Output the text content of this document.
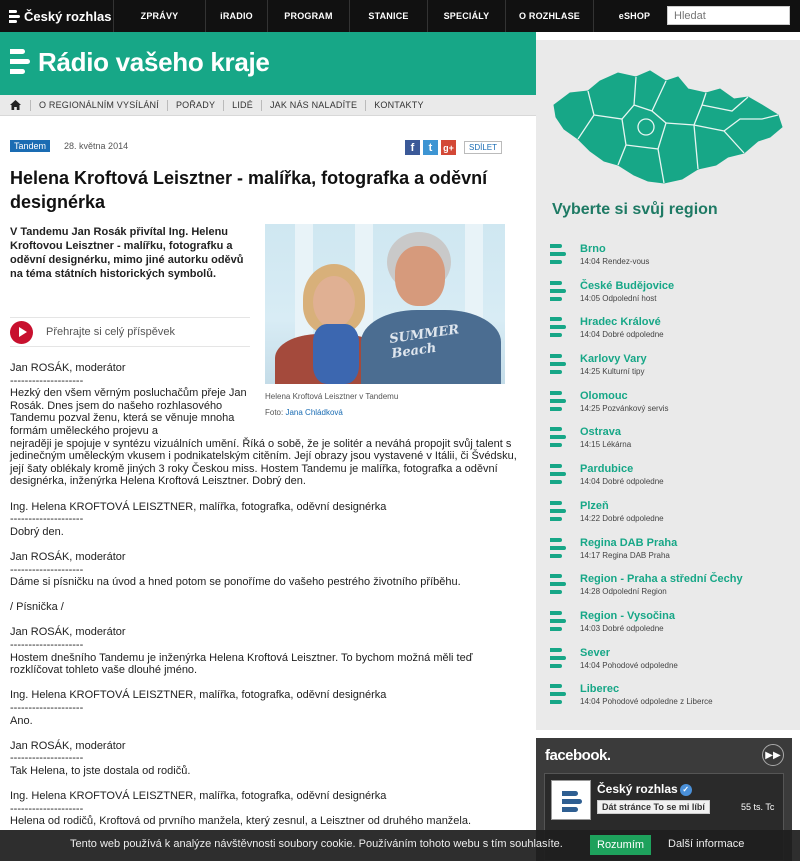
Český rozhlas	ZPRÁVY	iRADIO	PROGRAM	STANICE	SPECIÁLY	O ROZHLASE	eSHOP
Hledat
Rádio vašeho kraje
O REGIONÁLNÍM VYSÍLÁNÍ	POŘADY	LIDÉ	JAK NÁS NALADÍTE	KONTAKTY
Tandem	28. května 2014	f	t	g+	SDÍLET
Helena Kroftová Leisztner - malířka, fotografka a oděvní designérka

V Tandemu Jan Rosák přivítal Ing. Helenu Kroftovou Leisztner - malířku, fotografku a oděvní designérku, mimo jiné autorku oděvů na téma státních historických symbolů.

Přehrajte si celý příspěvek	SUMMER Beach
Helena Kroftová Leisztner v Tandemu
Foto: Jana Chládková
Jan ROSÁK, moderátor
--------------------
Hezký den všem věrným posluchačům přeje Jan Rosák. Dnes jsem do našeho rozhlasového Tandemu pozval ženu, která se věnuje mnoha formám uměleckého projevu a
nejraději je spojuje v syntézu vizuálních umění. Říká o sobě, že je solitér a neváhá propojit svůj talent s jedinečným uměleckým vkusem i podnikatelským citěním. Její obrazy jsou vystavené v Itálii, či Švédsku, její šaty oblékaly kromě jiných 3 roky Českou miss. Hostem Tandemu je malířka, fotografka a oděvní designérka, inženýrka Helena Kroftová Leisztner. Dobrý den.
Ing. Helena KROFTOVÁ LEISZTNER, malířka, fotografka, oděvní designérka
--------------------
Dobrý den.
Jan ROSÁK, moderátor
--------------------
Dáme si písničku na úvod a hned potom se ponoříme do vašeho pestrého životního příběhu.
/ Písnička /
Jan ROSÁK, moderátor
--------------------
Hostem dnešního Tandemu je inženýrka Helena Kroftová Leisztner. To bychom možná měli teď rozklíčovat tohleto vaše dlouhé jméno.
Ing. Helena KROFTOVÁ LEISZTNER, malířka, fotografka, oděvní designérka
--------------------
Ano.
Jan ROSÁK, moderátor
--------------------
Tak Helena, to jste dostala od rodičů.
Ing. Helena KROFTOVÁ LEISZTNER, malířka, fotografka, oděvní designérka
--------------------
Helena od rodičů, Kroftová od prvního manžela, který zesnul, a Leisztner od druhého manžela.
Vyberte si svůj region
Brno
14:04 Rendez-vous
České Budějovice
14:05 Odpolední host
Hradec Králové
14:04 Dobré odpoledne
Karlovy Vary
14:25 Kulturní tipy
Olomouc
14:25 Pozvánkový servis
Ostrava
14:15 Lékárna
Pardubice
14:04 Dobré odpoledne
Plzeň
14:22 Dobré odpoledne
Regina DAB Praha
14:17 Regina DAB Praha
Region - Praha a střední Čechy
14:28 Odpolední Region
Region - Vysočina
14:03 Dobré odpoledne
Sever
14:04 Pohodové odpoledne
Liberec
14:04 Pohodové odpoledne z Liberce
facebook.	▶▶
Český rozhlas ✓
Dát stránce To se mi líbí	55 ts. Tc
Tento web používá k analýze návštěvnosti soubory cookie. Používáním tohoto webu s tím souhlasíte.	Rozumím	Další informace
